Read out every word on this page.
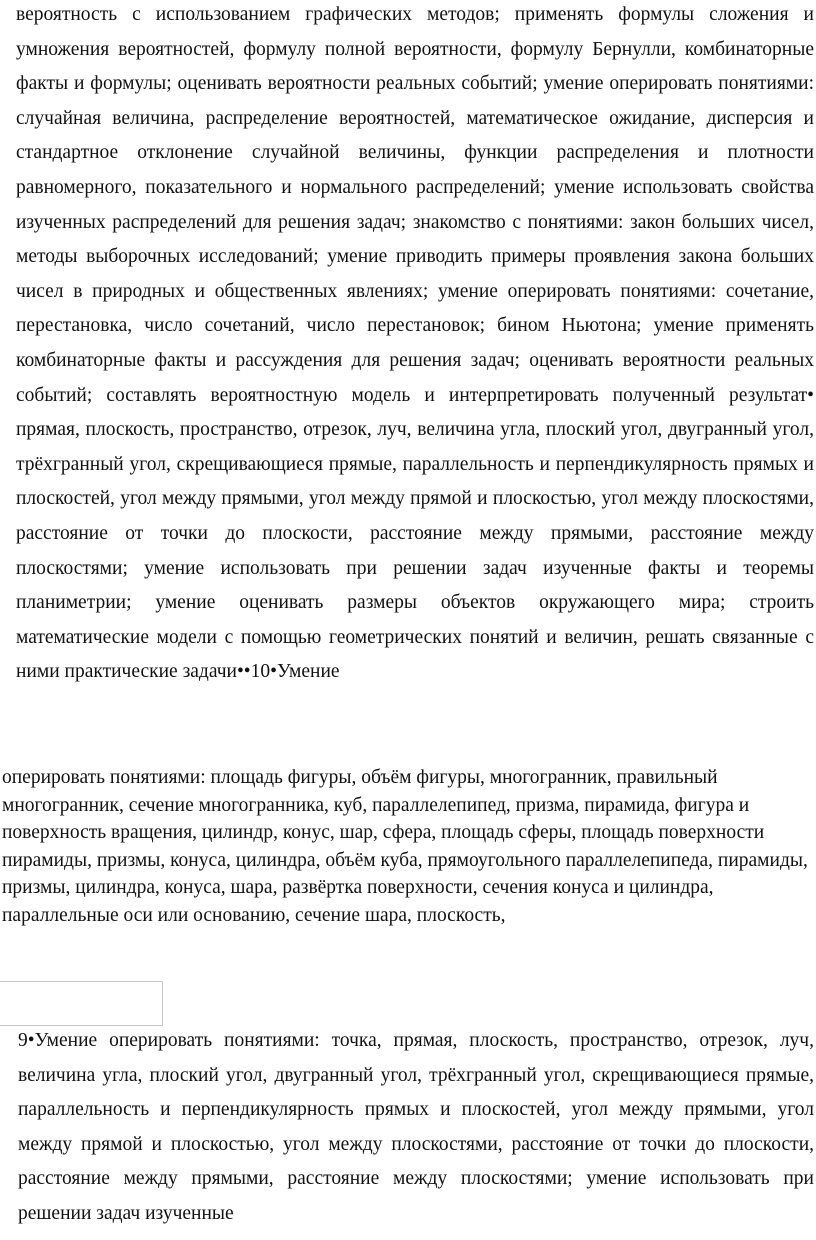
вероятность с использованием графических методов; применять формулы сложения и умножения вероятностей, формулу полной вероятности, формулу Бернулли, комбинаторные факты и формулы; оценивать вероятности реальных событий; умение оперировать понятиями: случайная величина, распределение вероятностей, математическое ожидание, дисперсия и стандартное отклонение случайной величины, функции распределения и плотности равномерного, показательного и нормального распределений; умение использовать свойства изученных распределений для решения задач; знакомство с понятиями: закон больших чисел, методы выборочных исследований; умение приводить примеры проявления закона больших чисел в природных и общественных явлениях; умение оперировать понятиями: сочетание, перестановка, число сочетаний, число перестановок; бином Ньютона; умение применять комбинаторные факты и рассуждения для решения задач; оценивать вероятности реальных событий; составлять вероятностную модель и интерпретировать полученный результат•

прямая, плоскость, пространство, отрезок, луч, величина угла, плоский угол, двугранный угол, трёхгранный угол, скрещивающиеся прямые, параллельность и перпендикулярность прямых и плоскостей, угол между прямыми, угол между прямой и плоскостью, угол между плоскостями, расстояние от точки до плоскости, расстояние между прямыми, расстояние между плоскостями; умение использовать при решении задач изученные факты и теоремы планиметрии; умение оценивать размеры объектов окружающего мира; строить математические модели с помощью геометрических понятий и величин, решать связанные с ними практические задачи••10•Умение

оперировать понятиями: площадь фигуры, объём фигуры, многогранник, правильный многогранник, сечение многогранника, куб, параллелепипед, призма, пирамида, фигура и поверхность вращения, цилиндр, конус, шар, сфера, площадь сферы, площадь поверхности пирамиды, призмы, конуса, цилиндра, объём куба, прямоугольного параллелепипеда, пирамиды, призмы, цилиндра, конуса, шара, развёртка поверхности, сечения конуса и цилиндра, параллельные оси или основанию, сечение шара, плоскость,

9•Умение оперировать понятиями: точка, прямая, плоскость, пространство, отрезок, луч, величина угла, плоский угол, двугранный угол, трёхгранный угол, скрещивающиеся прямые, параллельность и перпендикулярность прямых и плоскостей, угол между прямыми, угол между прямой и плоскостью, угол между плоскостями, расстояние от точки до плоскости, расстояние между прямыми, расстояние между плоскостями; умение использовать при решении задач изученные
